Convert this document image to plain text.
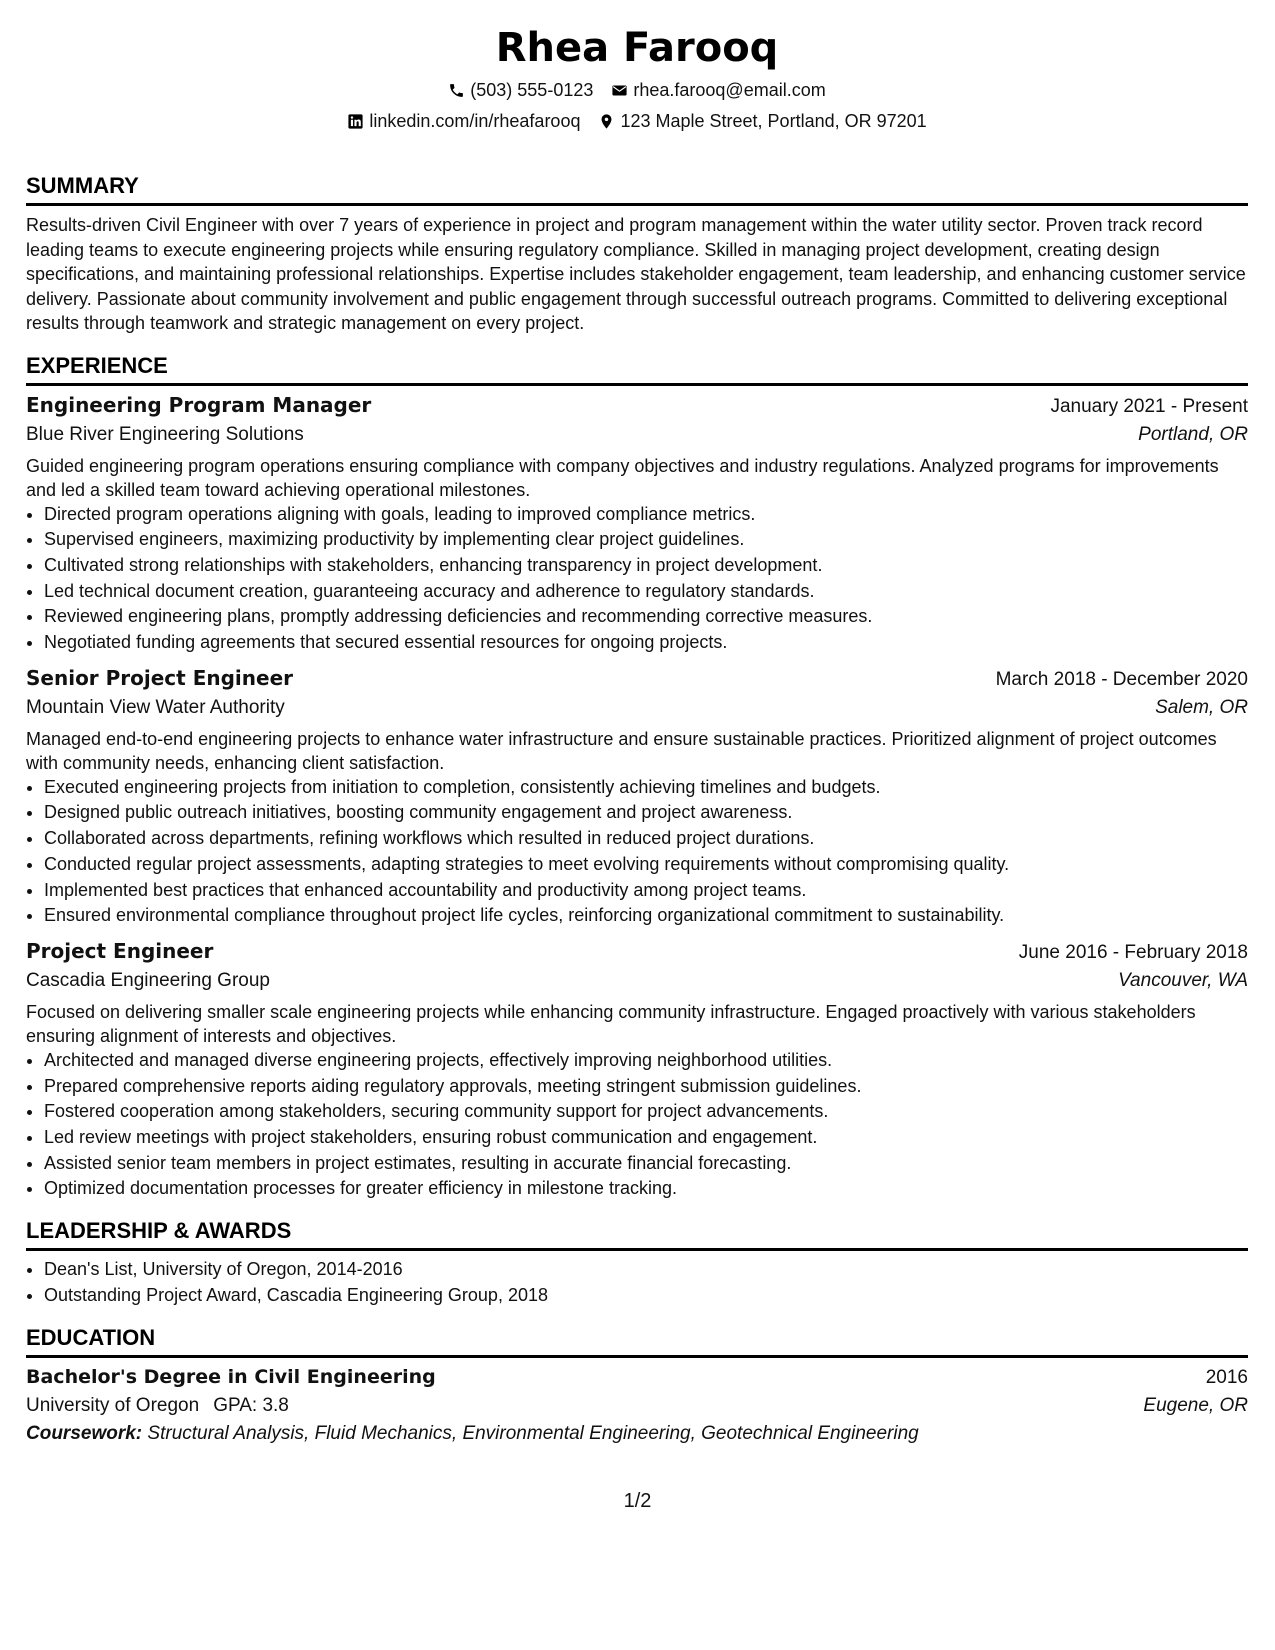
Rhea Farooq
(503) 555-0123 rhea.farooq@email.com
linkedin.com/in/rheafarooq 123 Maple Street, Portland, OR 97201
SUMMARY

Results-driven Civil Engineer with over 7 years of experience in project and program management within the water utility sector. Proven track record leading teams to execute engineering projects while ensuring regulatory compliance. Skilled in managing project development, creating design specifications, and maintaining professional relationships. Expertise includes stakeholder engagement, team leadership, and enhancing customer service delivery. Passionate about community involvement and public engagement through successful outreach programs. Committed to delivering exceptional results through teamwork and strategic management on every project.

EXPERIENCE
Engineering Program Manager	January 2021 - Present
Blue River Engineering Solutions	Portland, OR
Guided engineering program operations ensuring compliance with company objectives and industry regulations. Analyzed programs for improvements and led a skilled team toward achieving operational milestones.
• Directed program operations aligning with goals, leading to improved compliance metrics.
• Supervised engineers, maximizing productivity by implementing clear project guidelines.
• Cultivated strong relationships with stakeholders, enhancing transparency in project development.
• Led technical document creation, guaranteeing accuracy and adherence to regulatory standards.
• Reviewed engineering plans, promptly addressing deficiencies and recommending corrective measures.
• Negotiated funding agreements that secured essential resources for ongoing projects.
Senior Project Engineer	March 2018 - December 2020
Mountain View Water Authority	Salem, OR
Managed end-to-end engineering projects to enhance water infrastructure and ensure sustainable practices. Prioritized alignment of project outcomes with community needs, enhancing client satisfaction.
• Executed engineering projects from initiation to completion, consistently achieving timelines and budgets.
• Designed public outreach initiatives, boosting community engagement and project awareness.
• Collaborated across departments, refining workflows which resulted in reduced project durations.
• Conducted regular project assessments, adapting strategies to meet evolving requirements without compromising quality.
• Implemented best practices that enhanced accountability and productivity among project teams.
• Ensured environmental compliance throughout project life cycles, reinforcing organizational commitment to sustainability.
Project Engineer	June 2016 - February 2018
Cascadia Engineering Group	Vancouver, WA
Focused on delivering smaller scale engineering projects while enhancing community infrastructure. Engaged proactively with various stakeholders ensuring alignment of interests and objectives.
• Architected and managed diverse engineering projects, effectively improving neighborhood utilities.
• Prepared comprehensive reports aiding regulatory approvals, meeting stringent submission guidelines.
• Fostered cooperation among stakeholders, securing community support for project advancements.
• Led review meetings with project stakeholders, ensuring robust communication and engagement.
• Assisted senior team members in project estimates, resulting in accurate financial forecasting.
• Optimized documentation processes for greater efficiency in milestone tracking.
LEADERSHIP & AWARDS
• Dean's List, University of Oregon, 2014-2016
• Outstanding Project Award, Cascadia Engineering Group, 2018
EDUCATION
Bachelor's Degree in Civil Engineering	2016
University of Oregon GPA: 3.8	Eugene, OR
Coursework: Structural Analysis, Fluid Mechanics, Environmental Engineering, Geotechnical Engineering
1/2
